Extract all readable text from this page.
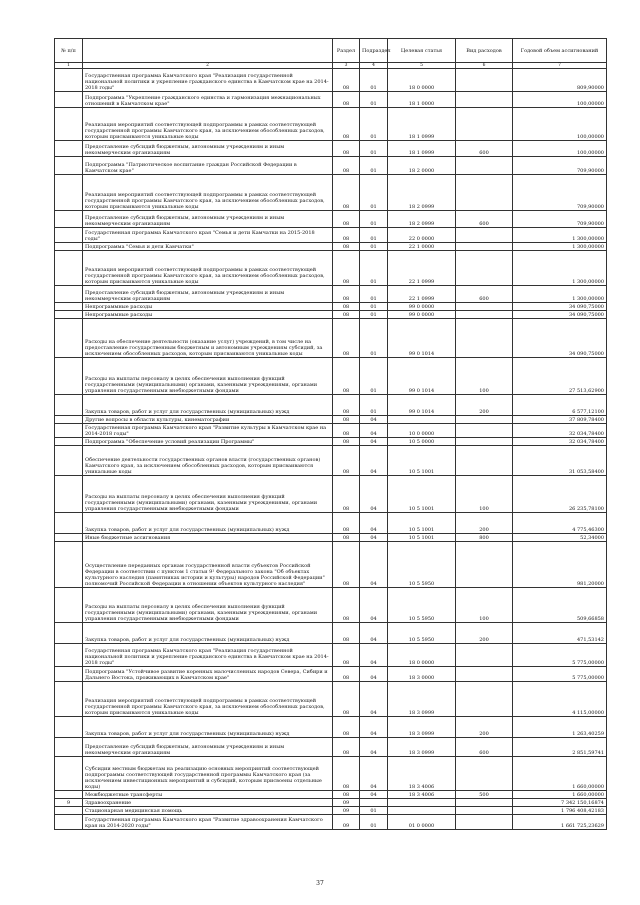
№ п/п		Раздел	Подраздел	Целевая статья	Вид расходов	Годовой объем ассигнований
1	2	3	4	5	6	7
	Государственная программа Камчатского края "Реализация государственной национальной политики и укрепление гражданского единства в Камчатском крае на 2014-2018 годы"	08	01	18 0 0000		809,90000
	Подпрограмма "Укрепление гражданского единства и гармонизация межнациональных отношений в Камчатском крае"	08	01	18 1 0000		100,00000
	Реализация мероприятий соответствующей подпрограммы в рамках соответствующей государственной программы Камчатского края, за исключением обособленных расходов, которым присваиваются уникальные коды	08	01	18 1 0999		100,00000
	Предоставление субсидий бюджетным, автономным учреждениям и иным некоммерческим организациям	08	01	18 1 0999	600	100,00000
	Подпрограмма "Патриотическое воспитание граждан Российской Федерации в Камчатском крае"	08	01	18 2 0000		709,90000
	Реализация мероприятий соответствующей подпрограммы в рамках соответствующей государственной программы Камчатского края, за исключением обособленных расходов, которым присваиваются уникальные коды	08	01	18 2 0999		709,90000
	Предоставление субсидий бюджетным, автономным учреждениям и иным некоммерческим организациям	08	01	18 2 0999	600	709,90000
	Государственная программа Камчатского края "Семья и дети Камчатки на 2015-2018 годы"	08	01	22 0 0000		1 300,00000
	Подпрограмма "Семья и дети Камчатки"	08	01	22 1 0000		1 300,00000
	Реализация мероприятий соответствующей подпрограммы в рамках соответствующей государственной программы Камчатского края, за исключением обособленных расходов, которым присваиваются уникальные коды	08	01	22 1 0999		1 300,00000
	Предоставление субсидий бюджетным, автономным учреждениям и иным некоммерческим организациям	08	01	22 1 0999	600	1 300,00000
	Непрограммные расходы	08	01	99 0 0000		34 090,75000
	Непрограммные расходы	08	01	99 0 0000		34 090,75000
	Расходы на обеспечение деятельности (оказание услуг) учреждений, в том числе на предоставление государственным бюджетным и автономным учреждениям субсидий, за исключением обособленных расходов, которым присваиваются уникальные коды	08	01	99 0 1014		34 090,75000
	Расходы на выплаты персоналу в целях обеспечения выполнения функций государственными (муниципальными) органами, казенными учреждениями, органами управления государственными внебюджетными фондами	08	01	99 0 1014	100	27 513,62900
	Закупка товаров, работ и услуг для государственных (муниципальных) нужд	08	01	99 0 1014	200	6 577,12100
	Другие вопросы в области культуры, кинематографии	08	04			37 809,78400
	Государственная программа Камчатского края "Развитие культуры в Камчатском крае на 2014-2018 годы"	08	04	10 0 0000		32 034,78400
	Подпрограмма "Обеспечение условий реализации Программы"	08	04	10 5 0000		32 034,78400
	Обеспечение деятельности государственных органов власти (государственных органов) Камчатского края, за исключением обособленных расходов, которым присваиваются уникальные коды	08	04	10 5 1001		31 053,58400
	Расходы на выплаты персоналу в целях обеспечения выполнения функций государственными (муниципальными) органами, казенными учреждениями, органами управления государственными внебюджетными фондами	08	04	10 5 1001	100	26 235,78100
	Закупка товаров, работ и услуг для государственных (муниципальных) нужд	08	04	10 5 1001	200	4 775,46300
	Иные бюджетные ассигнования	08	04	10 5 1001	800	52,34000
	Осуществление переданных органам государственной власти субъектов Российской Федерации в соответствии с пунктом 1 статьи 9¹ Федерального закона "Об объектах культурного наследия (памятниках истории и культуры) народов Российской Федерации" полномочий Российской Федерации в отношении объектов культурного наследия"	08	04	10 5 5950		981,20000
	Расходы на выплаты персоналу в целях обеспечения выполнения функций государственными (муниципальными) органами, казенными учреждениями, органами управления государственными внебюджетными фондами	08	04	10 5 5950	100	509,66858
	Закупка товаров, работ и услуг для государственных (муниципальных) нужд	08	04	10 5 5950	200	471,53142
	Государственная программа Камчатского края "Реализация государственной национальной политики и укрепление гражданского единства в Камчатском крае на 2014-2018 годы"	08	04	18 0 0000		5 775,00000
	Подпрограмма "Устойчивое развитие коренных малочисленных народов Севера, Сибири и Дальнего Востока, проживающих в Камчатском крае"	08	04	18 3 0000		5 775,00000
	Реализация мероприятий соответствующей подпрограммы в рамках соответствующей государственной программы Камчатского края, за исключением обособленных расходов, которым присваиваются уникальные коды	08	04	18 3 0999		4 115,00000
	Закупка товаров, работ и услуг для государственных (муниципальных) нужд	08	04	18 3 0999	200	1 263,40259
	Предоставление субсидий бюджетным, автономным учреждениям и иным некоммерческим организациям	08	04	18 3 0999	600	2 851,59741
	Субсидии местным бюджетам на реализацию основных мероприятий соответствующей подпрограммы соответствующей государственной программы Камчатского края (за исключением инвестиционных мероприятий и субсидий, которым присвоены отдельные коды)	08	04	18 3 4006		1 660,00000
	Межбюджетные трансферты	08	04	18 3 4006	500	1 660,00000
9	Здравоохранение	09				7 342 150,16874
	Стационарная медицинская помощь	09	01			1 796 408,42183
	Государственная программа Камчатского края "Развитие здравоохранения Камчатского края на 2014-2020 годы"	09	01	01 0 0000		1 661 725,23629
37
